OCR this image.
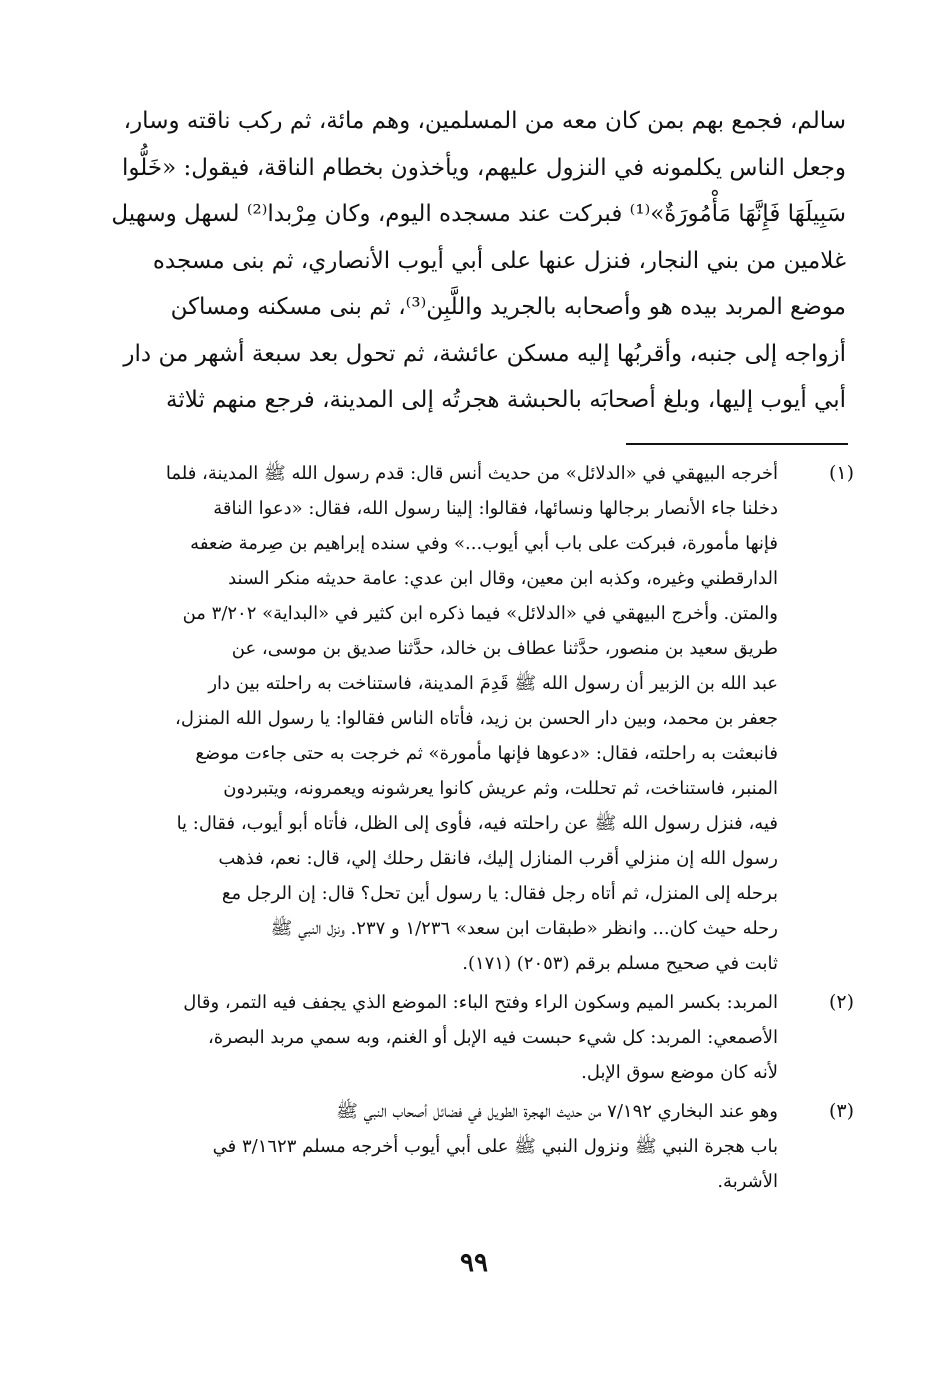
سالم، فجمع بهم بمن كان معه من المسلمين، وهم مائة، ثم ركب ناقته وسار،
وجعل الناس يكلمونه في النزول عليهم، ويأخذون بخطام الناقة، فيقول: «خَلُّوا
سَبِيلَهَا فَإِنَّهَا مَأْمُورَةٌ»⁽¹⁾ فبركت عند مسجده اليوم، وكان مِرْبدا⁽²⁾ لسهل وسهيل
غلامين من بني النجار، فنزل عنها على أبي أيوب الأنصاري، ثم بنى مسجده
موضع المربد بيده هو وأصحابه بالجريد واللَّبِن⁽³⁾، ثم بنى مسكنه ومساكن
أزواجه إلى جنبه، وأقربُها إليه مسكن عائشة، ثم تحول بعد سبعة أشهر من دار
أبي أيوب إليها، وبلغ أصحابَه بالحبشة هجرتُه إلى المدينة، فرجع منهم ثلاثة
(١)
أخرجه البيهقي في «الدلائل» من حديث أنس قال: قدم رسول الله ﷺ المدينة، فلما
دخلنا جاء الأنصار برجالها ونسائها، فقالوا: إلينا رسول الله، فقال: «دعوا الناقة
فإنها مأمورة، فبركت على باب أبي أيوب...» وفي سنده إبراهيم بن صِرمة ضعفه
الدارقطني وغيره، وكذبه ابن معين، وقال ابن عدي: عامة حديثه منكر السند
والمتن. وأخرج البيهقي في «الدلائل» فيما ذكره ابن كثير في «البداية» ٣/٢٠٢ من
طريق سعيد بن منصور، حدَّثنا عطاف بن خالد، حدَّثنا صديق بن موسى، عن
عبد الله بن الزبير أن رسول الله ﷺ قَدِمَ المدينة، فاستناخت به راحلته بين دار
جعفر بن محمد، وبين دار الحسن بن زيد، فأتاه الناس فقالوا: يا رسول الله المنزل،
فانبعثت به راحلته، فقال: «دعوها فإنها مأمورة» ثم خرجت به حتى جاءت موضع
المنبر، فاستناخت، ثم تحللت، وثم عريش كانوا يعرشونه ويعمرونه، ويتبردون
فيه، فنزل رسول الله ﷺ عن راحلته فيه، فأوى إلى الظل، فأتاه أبو أيوب، فقال: يا
رسول الله إن منزلي أقرب المنازل إليك، فانقل رحلك إلي، قال: نعم، فذهب
برحله إلى المنزل، ثم أتاه رجل فقال: يا رسول أين تحل؟ قال: إن الرجل مع
رحله حيث كان... وانظر «طبقات ابن سعد» ١/٢٣٦ و ٢٣٧. ونزل النبي ﷺ
ثابت في صحيح مسلم برقم (٢٠٥٣) (١٧١).
(٢)
المربد: بكسر الميم وسكون الراء وفتح الباء: الموضع الذي يجفف فيه التمر، وقال
الأصمعي: المربد: كل شيء حبست فيه الإبل أو الغنم، وبه سمي مربد البصرة،
لأنه كان موضع سوق الإبل.
(٣)
وهو عند البخاري ٧/١٩٢ من حديث الهجرة الطويل في فضائل أصحاب النبي ﷺ
باب هجرة النبي ﷺ ونزول النبي ﷺ على أبي أيوب أخرجه مسلم ٣/١٦٢٣ في
الأشربة.
٩٩
